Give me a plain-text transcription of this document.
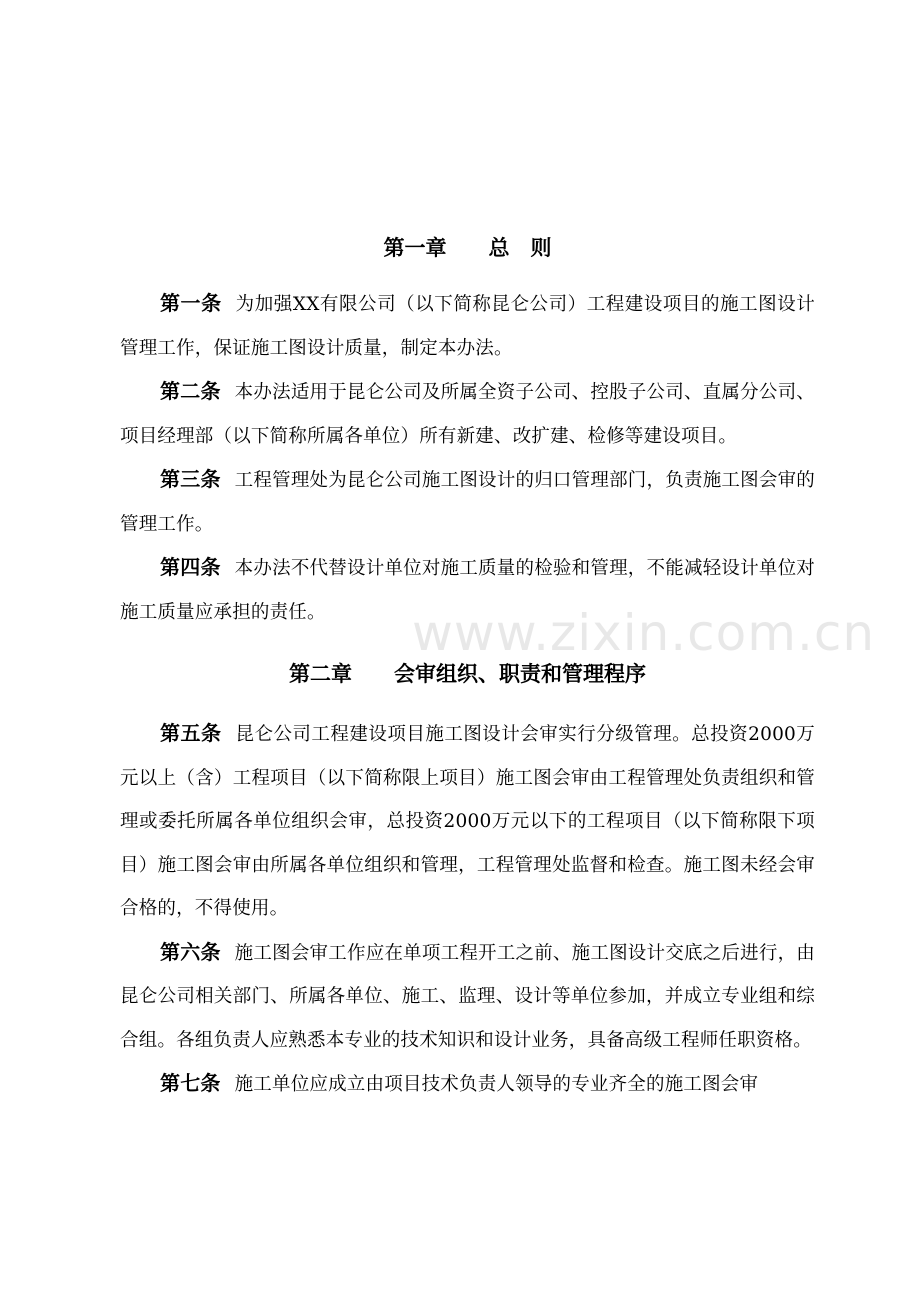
第一章　　总　则

第一条 为加强XX有限公司（以下简称昆仑公司）工程建设项目的施工图设计管理工作，保证施工图设计质量，制定本办法。

第二条 本办法适用于昆仑公司及所属全资子公司、控股子公司、直属分公司、项目经理部（以下简称所属各单位）所有新建、改扩建、检修等建设项目。

第三条 工程管理处为昆仑公司施工图设计的归口管理部门，负责施工图会审的管理工作。

第四条 本办法不代替设计单位对施工质量的检验和管理，不能减轻设计单位对施工质量应承担的责任。

第二章　　会审组织、职责和管理程序

第五条 昆仑公司工程建设项目施工图设计会审实行分级管理。总投资2000万元以上（含）工程项目（以下简称限上项目）施工图会审由工程管理处负责组织和管理或委托所属各单位组织会审，总投资2000万元以下的工程项目（以下简称限下项目）施工图会审由所属各单位组织和管理，工程管理处监督和检查。施工图未经会审合格的，不得使用。

第六条 施工图会审工作应在单项工程开工之前、施工图设计交底之后进行，由昆仑公司相关部门、所属各单位、施工、监理、设计等单位参加，并成立专业组和综合组。各组负责人应熟悉本专业的技术知识和设计业务，具备高级工程师任职资格。

第七条 施工单位应成立由项目技术负责人领导的专业齐全的施工图会审

www.zixin.com.cn
